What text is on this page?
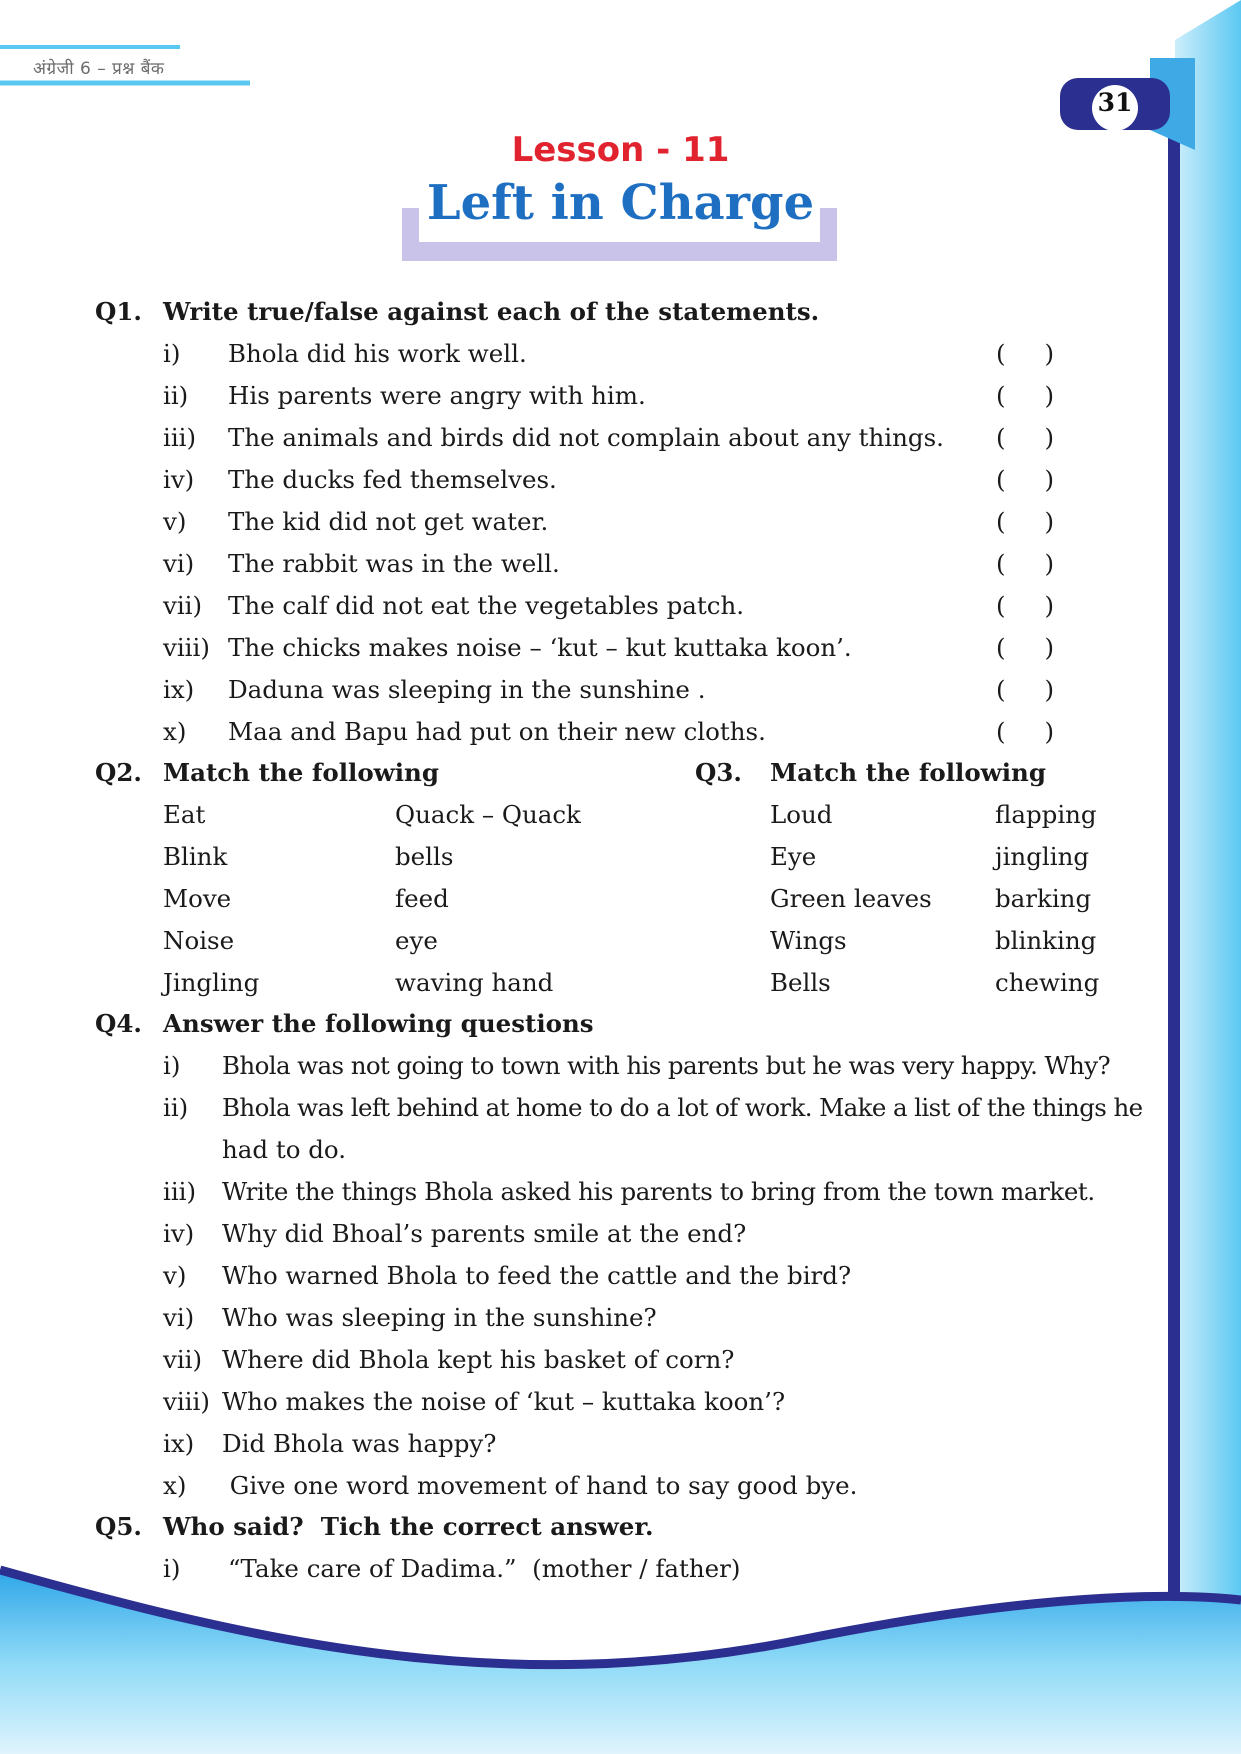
अंग्रेजी 6 – प्रश्न बैंक
31
Lesson - 11
Left in Charge
Q1. Write true/false against each of the statements.
i) Bhola did his work well.	(     )
ii) His parents were angry with him.	(     )
iii) The animals and birds did not complain about any things. (     )
iv) The ducks fed themselves.	(     )
v) The kid did not get water.	(     )
vi) The rabbit was in the well.	(     )
vii) The calf did not eat the vegetables patch.	(     )
viii) The chicks makes noise – ‘kut – kut kuttaka koon’.	(     )
ix) Daduna was sleeping in the sunshine .	(     )
x) Maa and Bapu had put on their new cloths.	(     )
Q2. Match the following
Eat	Quack – Quack
Blink	bells
Move	feed
Noise	eye
Jingling	waving hand
Q3. Match the following
Loud	flapping
Eye	jingling
Green leaves	barking
Wings	blinking
Bells	chewing
Q4. Answer the following questions
i) Bhola was not going to town with his parents but he was very happy. Why?
ii) Bhola was left behind at home to do a lot of work. Make a list of the things he
had to do.
iii) Write the things Bhola asked his parents to bring from the town market.
iv) Why did Bhoal’s parents smile at the end?
v) Who warned Bhola to feed the cattle and the bird?
vi) Who was sleeping in the sunshine?
vii) Where did Bhola kept his basket of corn?
viii) Who makes the noise of ‘kut – kuttaka koon’?
ix) Did Bhola was happy?
x) Give one word movement of hand to say good bye.
Q5. Who said?  Tich the correct answer.
i) “Take care of Dadima.”  (mother / father)
